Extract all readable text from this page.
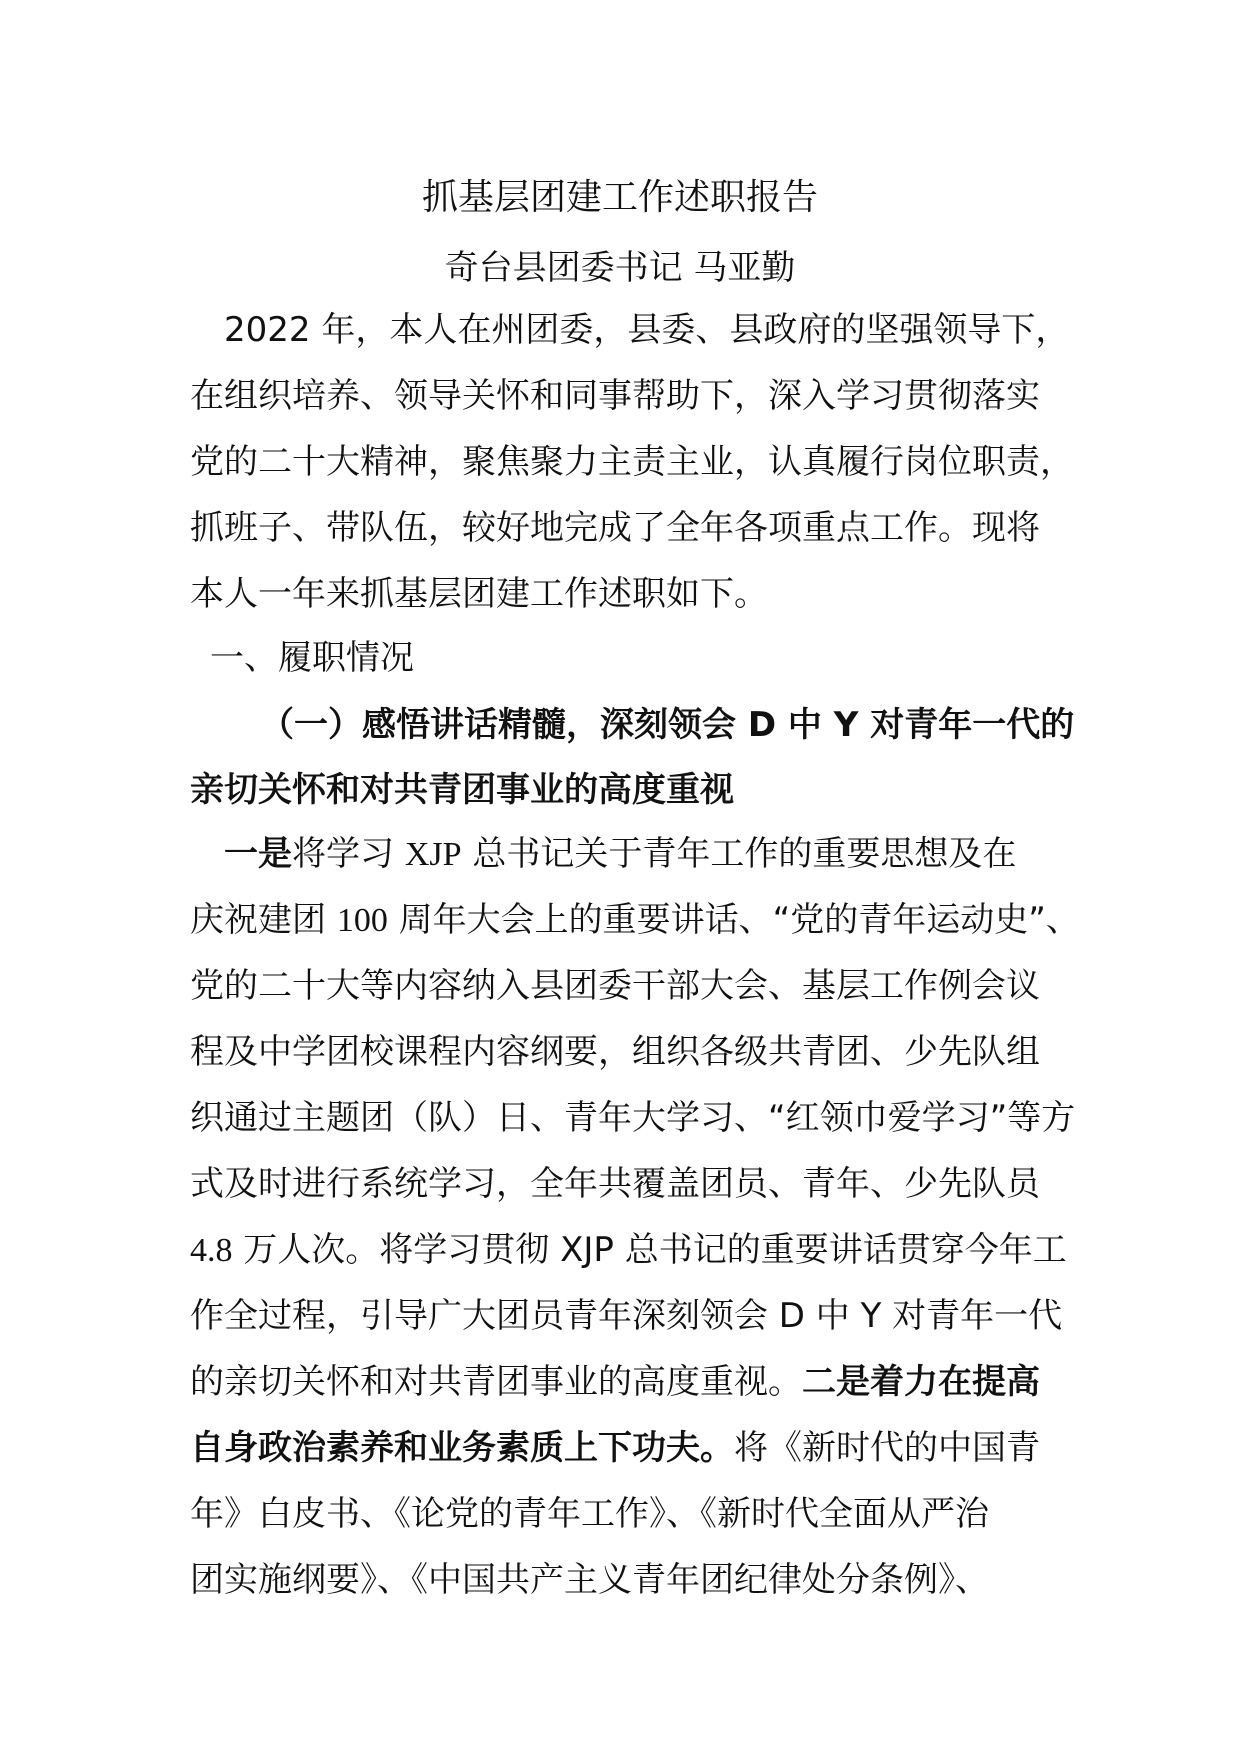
抓基层团建工作述职报告

奇台县团委书记 马亚勤

　2022 年，本人在州团委，县委、县政府的坚强领导下，

在组织培养、领导关怀和同事帮助下，深入学习贯彻落实

党的二十大精神，聚焦聚力主责主业，认真履行岗位职责，

抓班子、带队伍，较好地完成了全年各项重点工作。现将

本人一年来抓基层团建工作述职如下。

一、履职情况

（一）感悟讲话精髓，深刻领会 D 中 Y 对青年一代的

亲切关怀和对共青团事业的高度重视

　一是将学习 XJP 总书记关于青年工作的重要思想及在

庆祝建团 100 周年大会上的重要讲话、“党的青年运动史”、

党的二十大等内容纳入县团委干部大会、基层工作例会议

程及中学团校课程内容纲要，组织各级共青团、少先队组

织通过主题团（队）日、青年大学习、“红领巾爱学习”等方

式及时进行系统学习，全年共覆盖团员、青年、少先队员

4.8 万人次。将学习贯彻 XJP 总书记的重要讲话贯穿今年工

作全过程，引导广大团员青年深刻领会 D 中 Y 对青年一代

的亲切关怀和对共青团事业的高度重视。二是着力在提高

自身政治素养和业务素质上下功夫。将《新时代的中国青

年》白皮书、《论党的青年工作》、《新时代全面从严治

团实施纲要》、《中国共产主义青年团纪律处分条例》、
